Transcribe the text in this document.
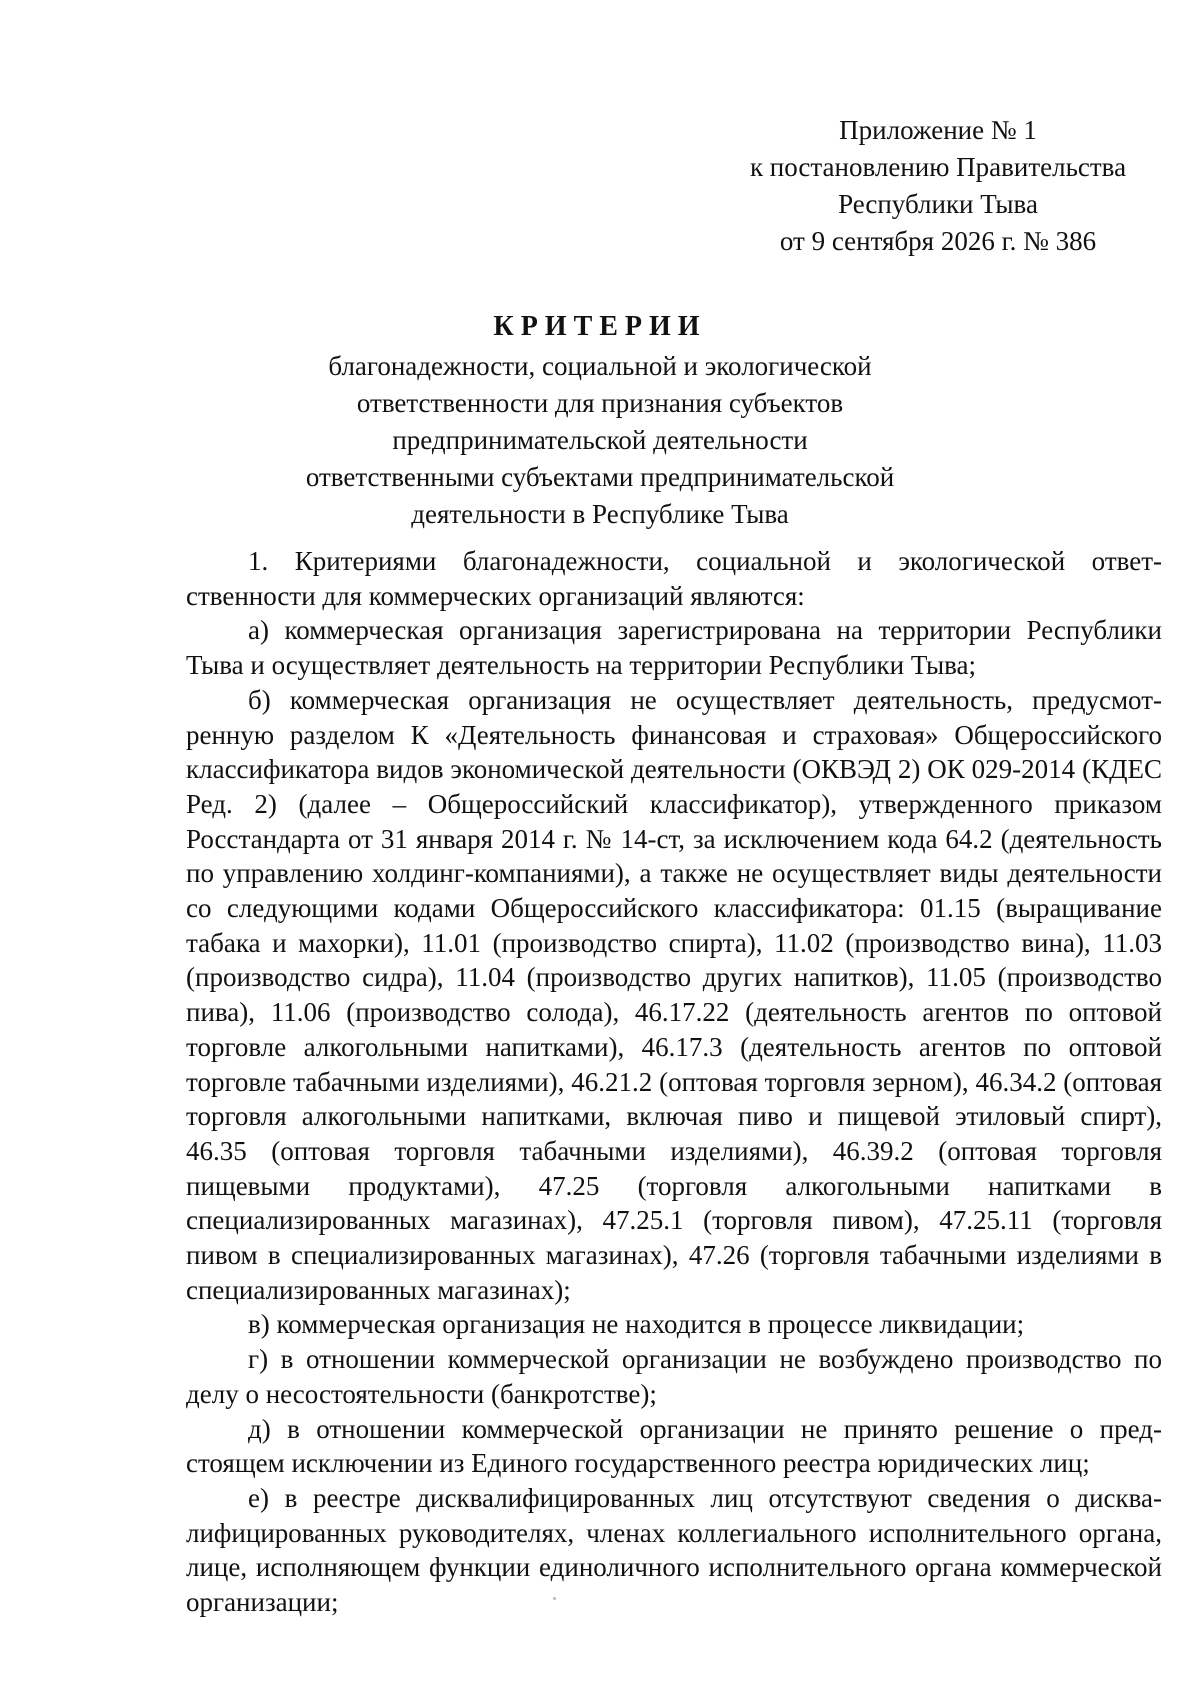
Приложение № 1
к постановлению Правительства
Республики Тыва
от 9 сентября 2026 г. № 386
КРИТЕРИИ
благонадежности, социальной и экологической
ответственности для признания субъектов
предпринимательской деятельности
ответственными субъектами предпринимательской
деятельности в Республике Тыва

1. Критериями благонадежности, социальной и экологической ответственности для коммерческих организаций являются:

а) коммерческая организация зарегистрирована на территории Республики Тыва и осуществляет деятельность на территории Республики Тыва;

б) коммерческая организация не осуществляет деятельность, предусмотренную разделом К «Деятельность финансовая и страховая» Общероссийского классификатора видов экономической деятельности (ОКВЭД 2) ОК 029-2014 (КДЕС Ред. 2) (далее – Общероссийский классификатор), утвержденного приказом Росстандарта от 31 января 2014 г. № 14-ст, за исключением кода 64.2 (деятельность по управлению холдинг-компаниями), а также не осуществляет виды деятельности со следующими кодами Общероссийского классификатора: 01.15 (выращивание табака и махорки), 11.01 (производство спирта), 11.02 (производство вина), 11.03 (производство сидра), 11.04 (производство других напитков), 11.05 (производство пива), 11.06 (производство солода), 46.17.22 (деятельность агентов по оптовой торговле алкогольными напитками), 46.17.3 (деятельность агентов по оптовой торговле табачными изделиями), 46.21.2 (оптовая торговля зерном), 46.34.2 (оптовая торговля алкогольными напитками, включая пиво и пищевой этиловый спирт), 46.35 (оптовая торговля табачными изделиями), 46.39.2 (оптовая торговля пищевыми продуктами), 47.25 (торговля алкогольными напитками в специализированных магазинах), 47.25.1 (торговля пивом), 47.25.11 (торговля пивом в специализированных магазинах), 47.26 (торговля табачными изделиями в специализированных магазинах);

в) коммерческая организация не находится в процессе ликвидации;

г) в отношении коммерческой организации не возбуждено производство по делу о несостоятельности (банкротстве);

д) в отношении коммерческой организации не принято решение о предстоящем исключении из Единого государственного реестра юридических лиц;

е) в реестре дисквалифицированных лиц отсутствуют сведения о дисквалифицированных руководителях, членах коллегиального исполнительного органа, лице, исполняющем функции единоличного исполнительного органа коммерческой организации;
